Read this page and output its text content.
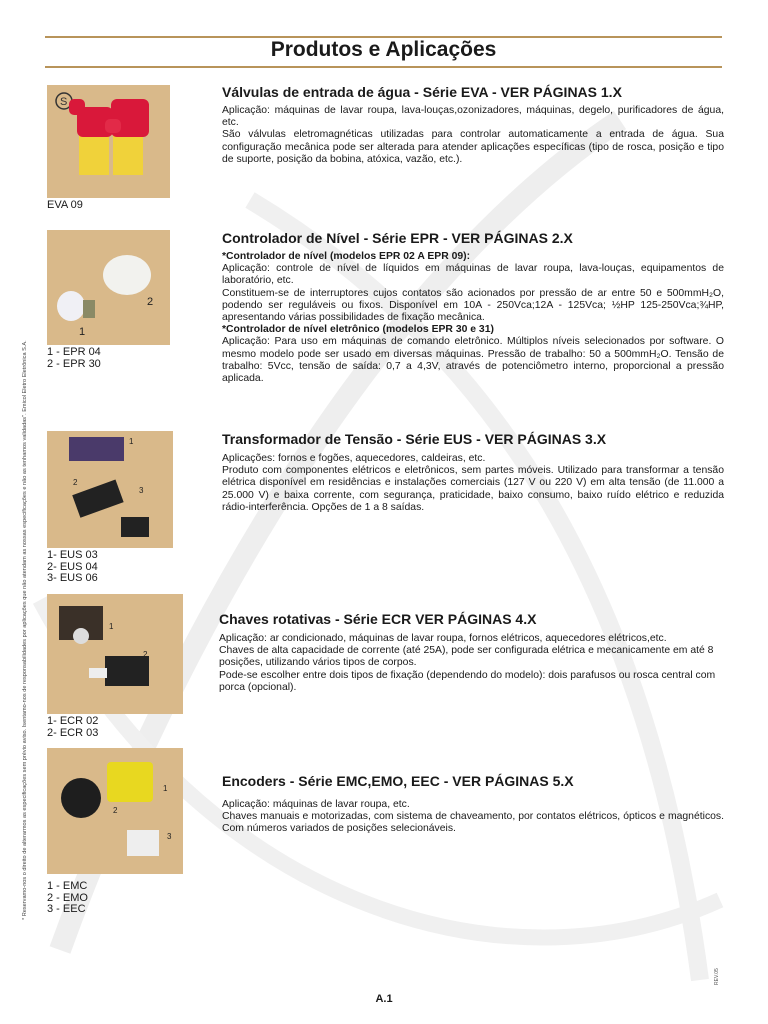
Produtos e Aplicações
S
EVA 09
Válvulas de entrada de água - Série EVA - VER PÁGINAS 1.X

Aplicação: máquinas de lavar roupa, lava-louças,ozonizadores, máquinas, degelo, purificadores de água, etc.

São válvulas eletromagnéticas utilizadas para controlar automaticamente a entrada de água. Sua configuração mecânica pode ser alterada para atender aplicações específicas (tipo de rosca, posição e tipo de suporte, posição da bobina, atóxica, vazão, etc.).

2
1
1 - EPR 04
2 - EPR 30
Controlador de Nível - Série EPR - VER PÁGINAS 2.X

*Controlador de nível (modelos EPR 02 A EPR 09):

Aplicação: controle de nível de líquidos em máquinas de lavar roupa, lava-louças, equipamentos de laboratório, etc.

Constituem-se de interruptores cujos contatos são acionados por pressão de ar entre 50 e 500mmH₂O, podendo ser reguláveis ou fixos. Disponível em 10A - 250Vca;12A - 125Vca; ½HP 125-250Vca;¾HP, apresentando várias possibilidades de fixação mecânica.

*Controlador de nível eletrônico (modelos EPR 30 e 31)

Aplicação: Para uso em máquinas de comando eletrônico. Múltiplos níveis selecionados por software. O mesmo modelo pode ser usado em diversas máquinas. Pressão de trabalho: 50 a 500mmH₂O. Tensão de trabalho: 5Vcc, tensão de saída: 0,7 a 4,3V, através de potenciômetro interno, proporcional a pressão aplicada.

1
2
3
1- EUS 03
2- EUS 04
3- EUS 06
Transformador de Tensão - Série EUS - VER PÁGINAS 3.X

Aplicações: fornos e fogões, aquecedores, caldeiras, etc.

Produto com componentes elétricos e eletrônicos, sem partes móveis. Utilizado para transformar a tensão elétrica disponível em residências e instalações comerciais (127 V ou 220 V) em alta tensão (de 11.000 a 25.000 V) e baixa corrente, com segurança, praticidade, baixo consumo, baixo ruído elétrico e reduzida rádio-interferência. Opções de 1 a 8 saídas.

1
2
1- ECR 02
2- ECR 03
Chaves rotativas - Série ECR VER PÁGINAS 4.X

Aplicação: ar condicionado, máquinas de lavar roupa, fornos elétricos, aquecedores elétricos,etc.

Chaves de alta capacidade de corrente (até 25A), pode ser configurada elétrica e mecanicamente em até 8 posições, utilizando vários tipos de corpos.

Pode-se escolher entre dois tipos de fixação (dependendo do modelo): dois parafusos ou rosca central com porca (opcional).

1
2
3
1 - EMC
2 - EMO
3 - EEC
Encoders - Série EMC,EMO, EEC - VER PÁGINAS 5.X

Aplicação: máquinas de lavar roupa, etc.

Chaves manuais e motorizadas, com sistema de chaveamento, por contatos elétricos, ópticos e magnéticos. Com números variados de posições selecionáveis.

* Reservamo-nos o direito de alterarmos as especificações sem prévio aviso. Isentamo-nos de responsabilidades por aplicações que não atendam as nossas especificações e não as tenhamos validadas". Emicol Eletro Eletrônica S.A.
REV.05
A.1
